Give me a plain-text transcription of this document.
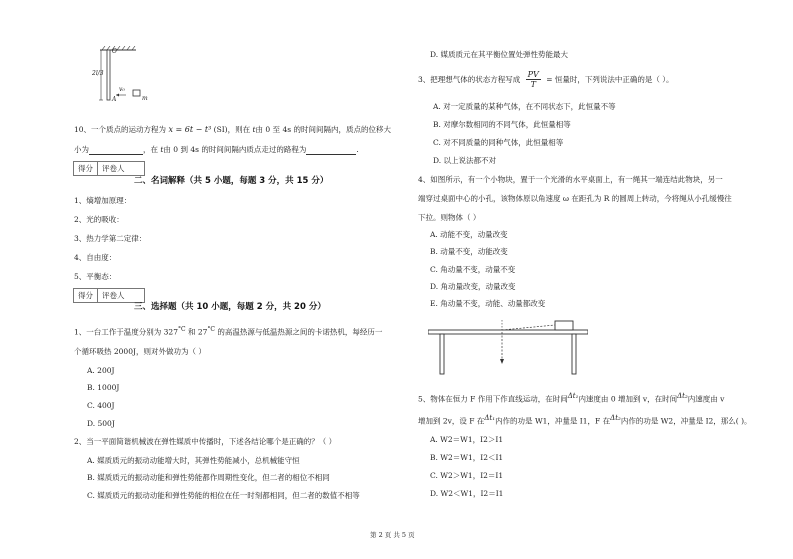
O
2l/3
A
v₀
m
10、一个质点的运动方程为 x = 6t − t³ (SI)，则在 t由 0 至 4s 的时间间隔内，质点的位移大
小为	，在 t由 0 到 4s 的时间间隔内质点走过的路程为	.
得分	评卷人
二、名词解释（共 5 小题，每题 3 分，共 15 分）
1、熵增加原理：
2、光的吸收：
3、热力学第二定律：
4、自由度：
5、平衡态：
得分	评卷人
三、选择题（共 10 小题，每题 2 分，共 20 分）
1、一台工作于温度分别为 $327^{^\circ C}$ 和 $27^{^\circ C}$ 的高温热源与低温热源之间的卡诺热机，每经历一
个循环吸热 2000J，则对外做功为（ ）
A. 200J
B. 1000J
C. 400J
D. 500J
2、当一平面简谐机械波在弹性媒质中传播时，下述各结论哪个是正确的？（ ）
A. 媒质质元的振动动能增大时，其弹性势能减小，总机械能守恒
B. 媒质质元的振动动能和弹性势能都作周期性变化，但二者的相位不相同
C. 媒质质元的振动动能和弹性势能的相位在任一时刻都相同，但二者的数值不相等
D. 媒质质元在其平衡位置处弹性势能最大
3、把理想气体的状态方程写成 $\frac{PV}{T}$ = 恒量时，下列说法中正确的是（ ）。
A. 对一定质量的某种气体，在不同状态下，此恒量不等
B. 对摩尔数相同的不同气体，此恒量相等
C. 对不同质量的同种气体，此恒量相等
D. 以上说法都不对
4、如图所示，有一个小物块，置于一个光滑的水平桌面上，有一绳其一端连结此物块，另一
端穿过桌面中心的小孔，该物体原以角速度 ω 在距孔为 R 的圆周上转动，今将绳从小孔缓慢往
下拉。则物体（ ）
A. 动能不变，动量改变
B. 动量不变，动能改变
C. 角动量不变，动量不变
D. 角动量改变，动量改变
E. 角动量不变，动能、动量都改变
5、物体在恒力 F 作用下作直线运动，在时间$^{\Delta t_1}$内速度由 0 增加到 v，在时间$^{\Delta t_2}$内速度由 v
增加到 2v，设 F 在$^{\Delta t_1}$内作的功是 W1，冲量是 I1，F 在$^{\Delta t_2}$内作的功是 W2，冲量是 I2，那么( )。
A. W2＝W1，I2＞I1
B. W2＝W1，I2＜I1
C. W2＞W1，I2＝I1
D. W2＜W1，I2＝I1
第 2 页 共 5 页
